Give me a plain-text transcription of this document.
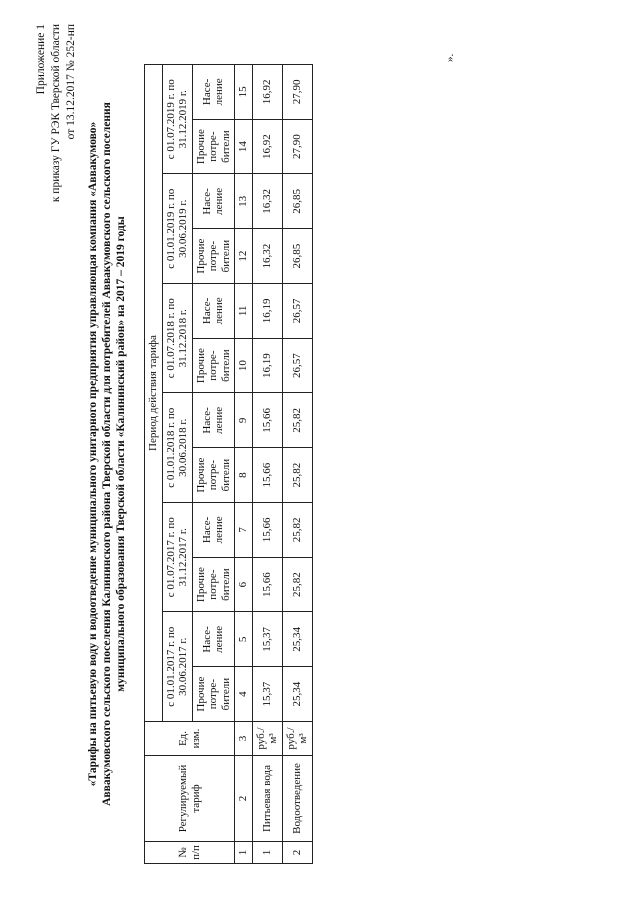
Приложение 1 к приказу ГУ РЭК Тверской области от 13.12.2017 № 252-нп
«Тарифы на питьевую воду и водоотведение муниципального унитарного предприятия управляющая компания «Аввакумово» Аввакумовского сельского поселения Калининского района Тверской области для потребителей Аввакумовского сельского поселения муниципального образования Тверской области «Калининский район» на 2017 – 2019 годы
№ п/п	Регулируемый тариф	Ед. изм.	Период действия тарифа											
			с 01.01.2017 г. по 30.06.2017 г.		с 01.07.2017 г. по 31.12.2017 г.		с 01.01.2018 г. по 30.06.2018 г.		с 01.07.2018 г. по 31.12.2018 г.		с 01.01.2019 г. по 30.06.2019 г.		с 01.07.2019 г. по 31.12.2019 г.	
			Прочие потре- бители	Насе- ление	Прочие потре- бители	Насе- ление	Прочие потре- бители	Насе- ление	Прочие потре- бители	Насе- ление	Прочие потре- бители	Насе- ление	Прочие потре- бители	Насе- ление
1	2	3	4	5	6	7	8	9	10	11	12	13	14	15
1	Питьевая вода	руб./м³	15,37	15,37	15,66	15,66	15,66	15,66	16,19	16,19	16,32	16,32	16,92	16,92
2	Водоотведение	руб./м³	25,34	25,34	25,82	25,82	25,82	25,82	26,57	26,57	26,85	26,85	27,90	27,90
».
